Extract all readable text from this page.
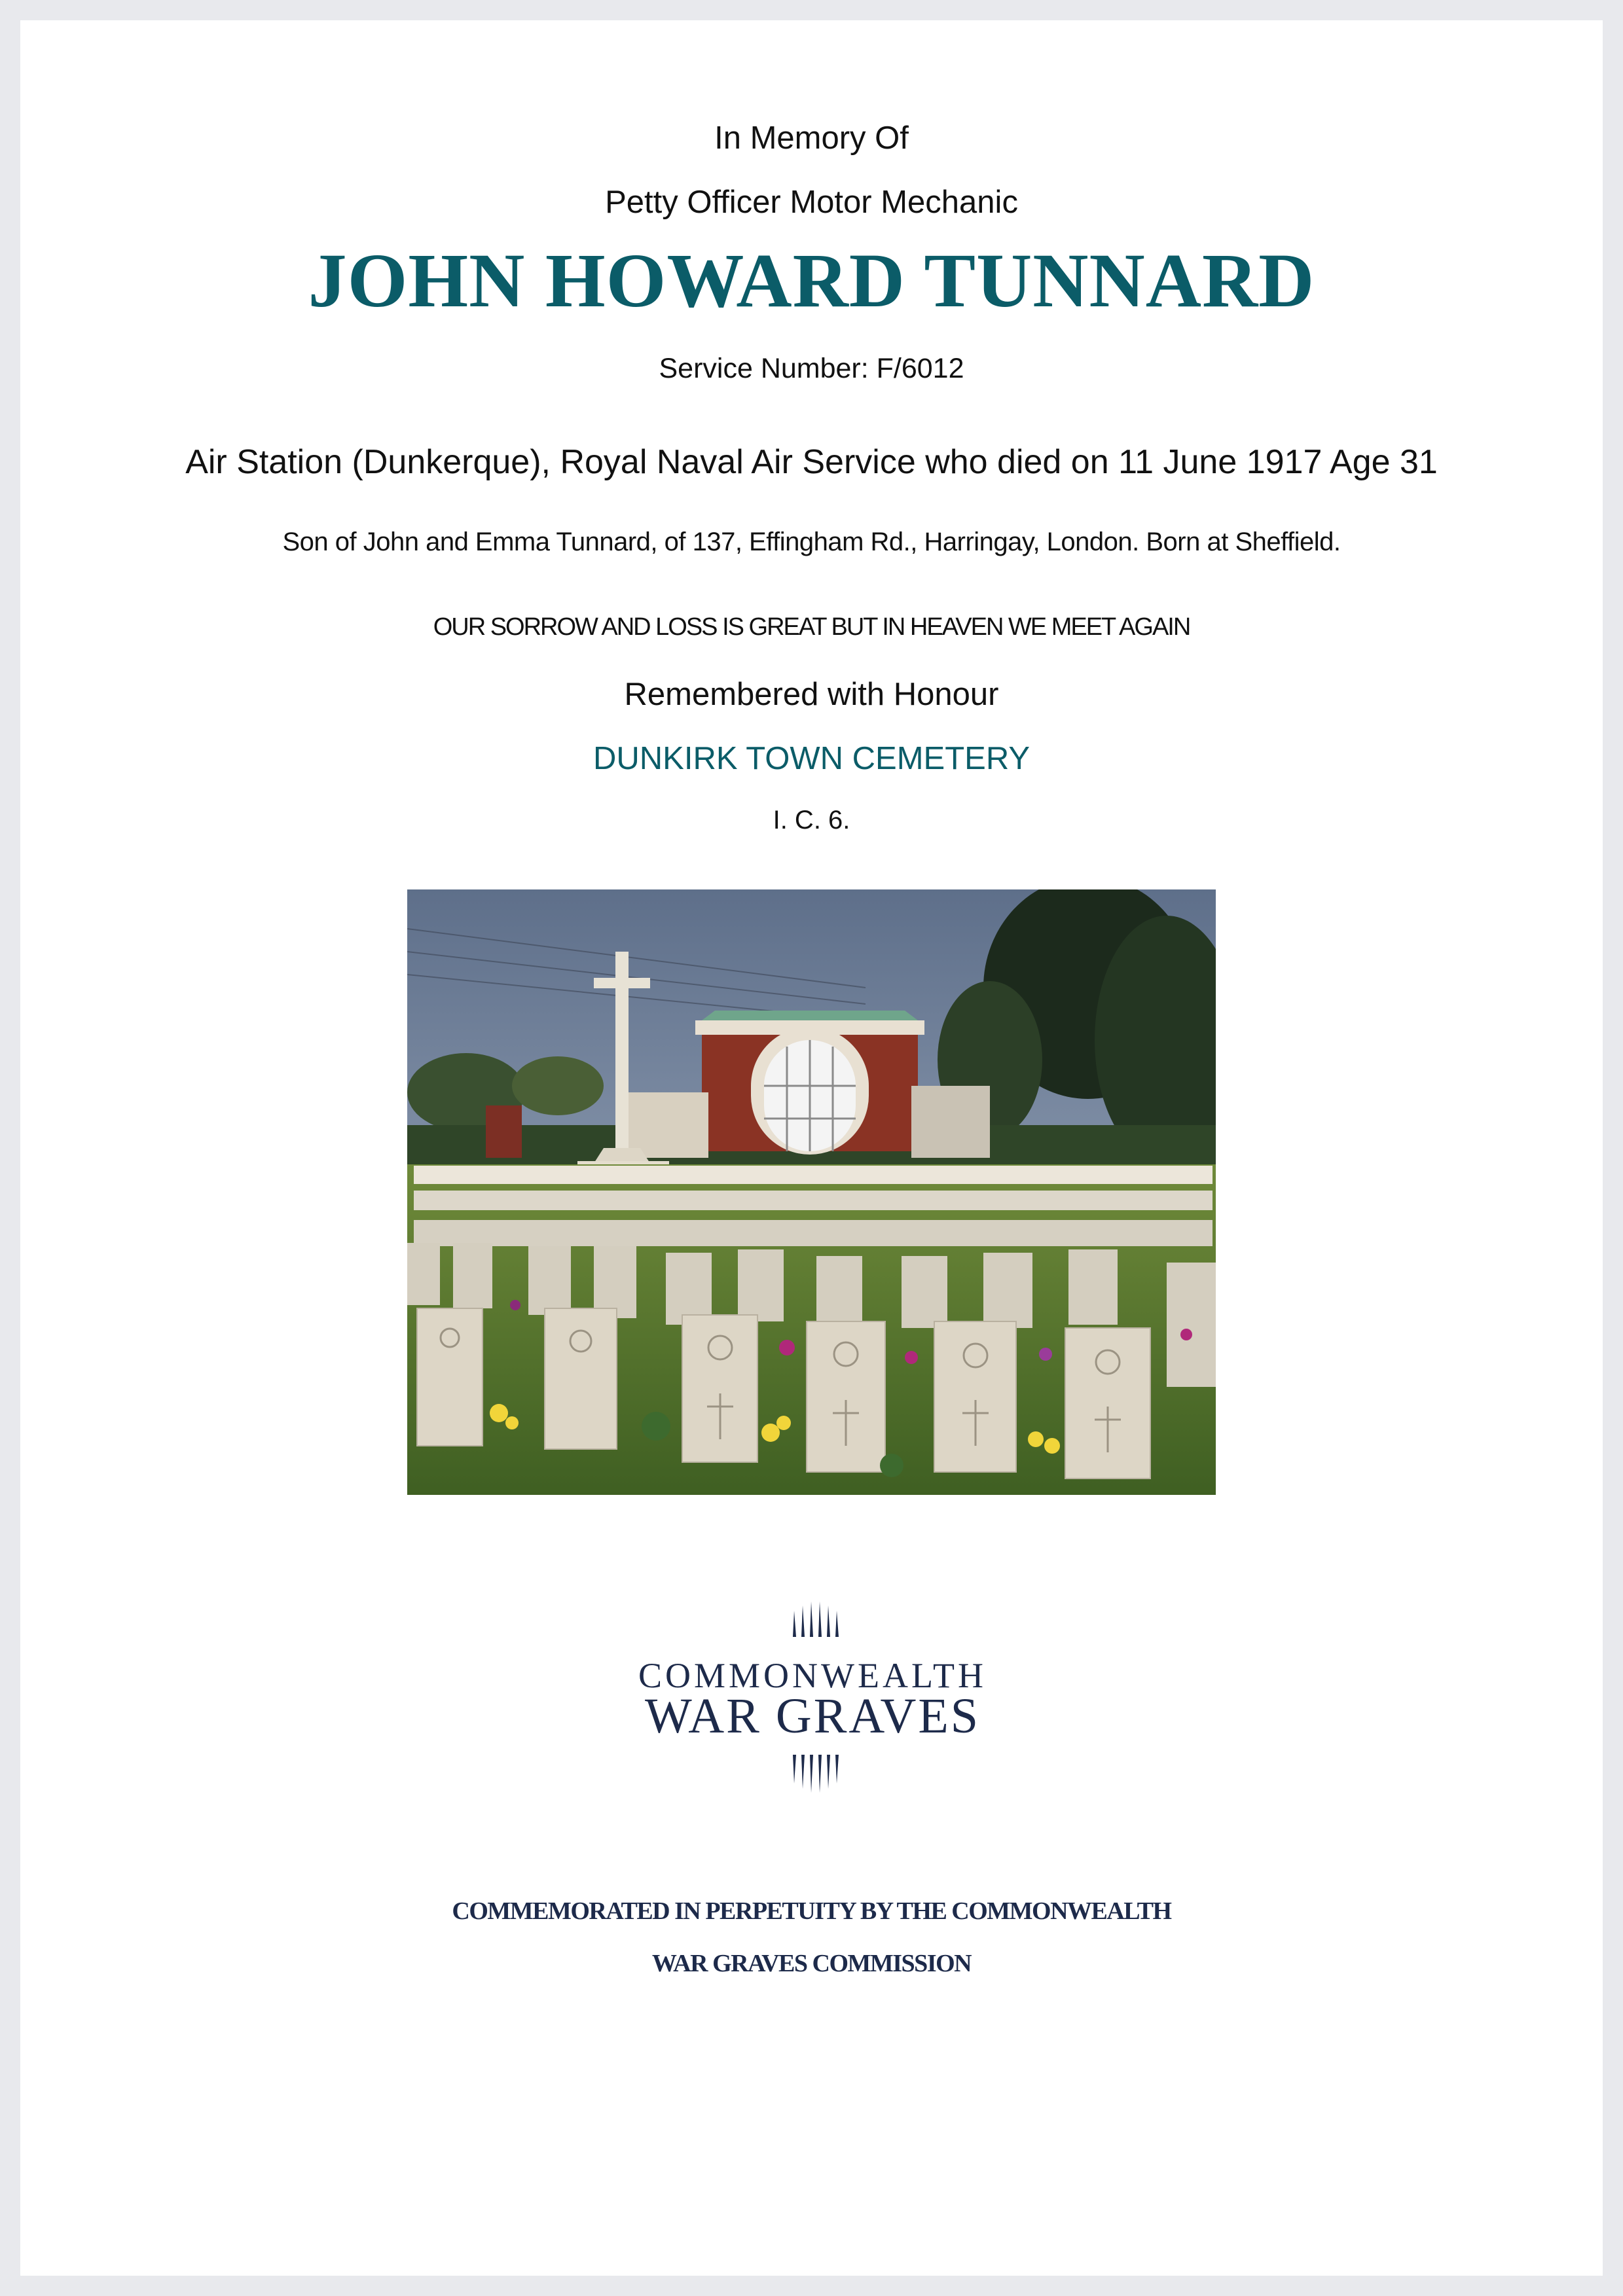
In Memory Of
Petty Officer Motor Mechanic
JOHN HOWARD TUNNARD
Service Number: F/6012
Air Station (Dunkerque), Royal Naval Air Service who died on 11 June 1917 Age 31
Son of John and Emma Tunnard, of 137, Effingham Rd., Harringay, London. Born at Sheffield.
OUR SORROW AND LOSS IS GREAT BUT IN HEAVEN WE MEET AGAIN
Remembered with Honour
DUNKIRK TOWN CEMETERY
I. C. 6.
COMMONWEALTH
WAR GRAVES
COMMEMORATED IN PERPETUITY BY THE COMMONWEALTH
WAR GRAVES COMMISSION
